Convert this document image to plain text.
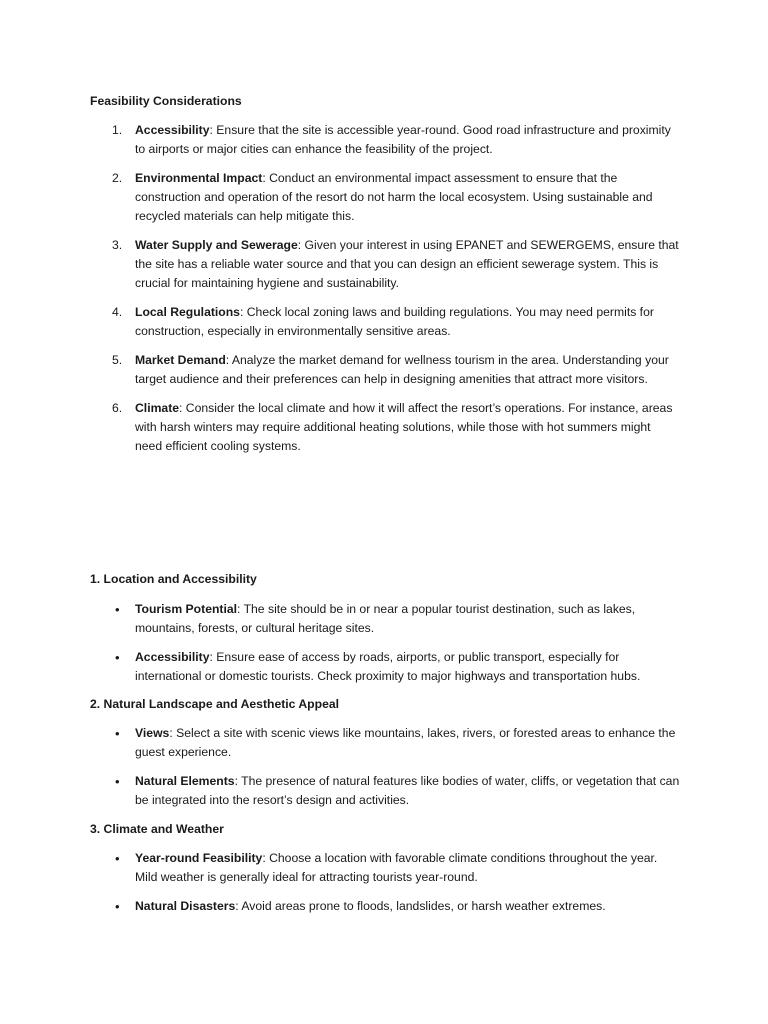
Feasibility Considerations
1.	Accessibility: Ensure that the site is accessible year-round. Good road infrastructure and proximity to airports or major cities can enhance the feasibility of the project.
2.	Environmental Impact: Conduct an environmental impact assessment to ensure that the construction and operation of the resort do not harm the local ecosystem. Using sustainable and recycled materials can help mitigate this.
3.	Water Supply and Sewerage: Given your interest in using EPANET and SEWERGEMS, ensure that the site has a reliable water source and that you can design an efficient sewerage system. This is crucial for maintaining hygiene and sustainability.
4.	Local Regulations: Check local zoning laws and building regulations. You may need permits for construction, especially in environmentally sensitive areas.
5.	Market Demand: Analyze the market demand for wellness tourism in the area. Understanding your target audience and their preferences can help in designing amenities that attract more visitors.
6.	Climate: Consider the local climate and how it will affect the resort’s operations. For instance, areas with harsh winters may require additional heating solutions, while those with hot summers might need efficient cooling systems.
1. Location and Accessibility
•	Tourism Potential: The site should be in or near a popular tourist destination, such as lakes, mountains, forests, or cultural heritage sites.
•	Accessibility: Ensure ease of access by roads, airports, or public transport, especially for international or domestic tourists. Check proximity to major highways and transportation hubs.
2. Natural Landscape and Aesthetic Appeal
•	Views: Select a site with scenic views like mountains, lakes, rivers, or forested areas to enhance the guest experience.
•	Natural Elements: The presence of natural features like bodies of water, cliffs, or vegetation that can be integrated into the resort’s design and activities.
3. Climate and Weather
•	Year-round Feasibility: Choose a location with favorable climate conditions throughout the year. Mild weather is generally ideal for attracting tourists year-round.
•	Natural Disasters: Avoid areas prone to floods, landslides, or harsh weather extremes.
